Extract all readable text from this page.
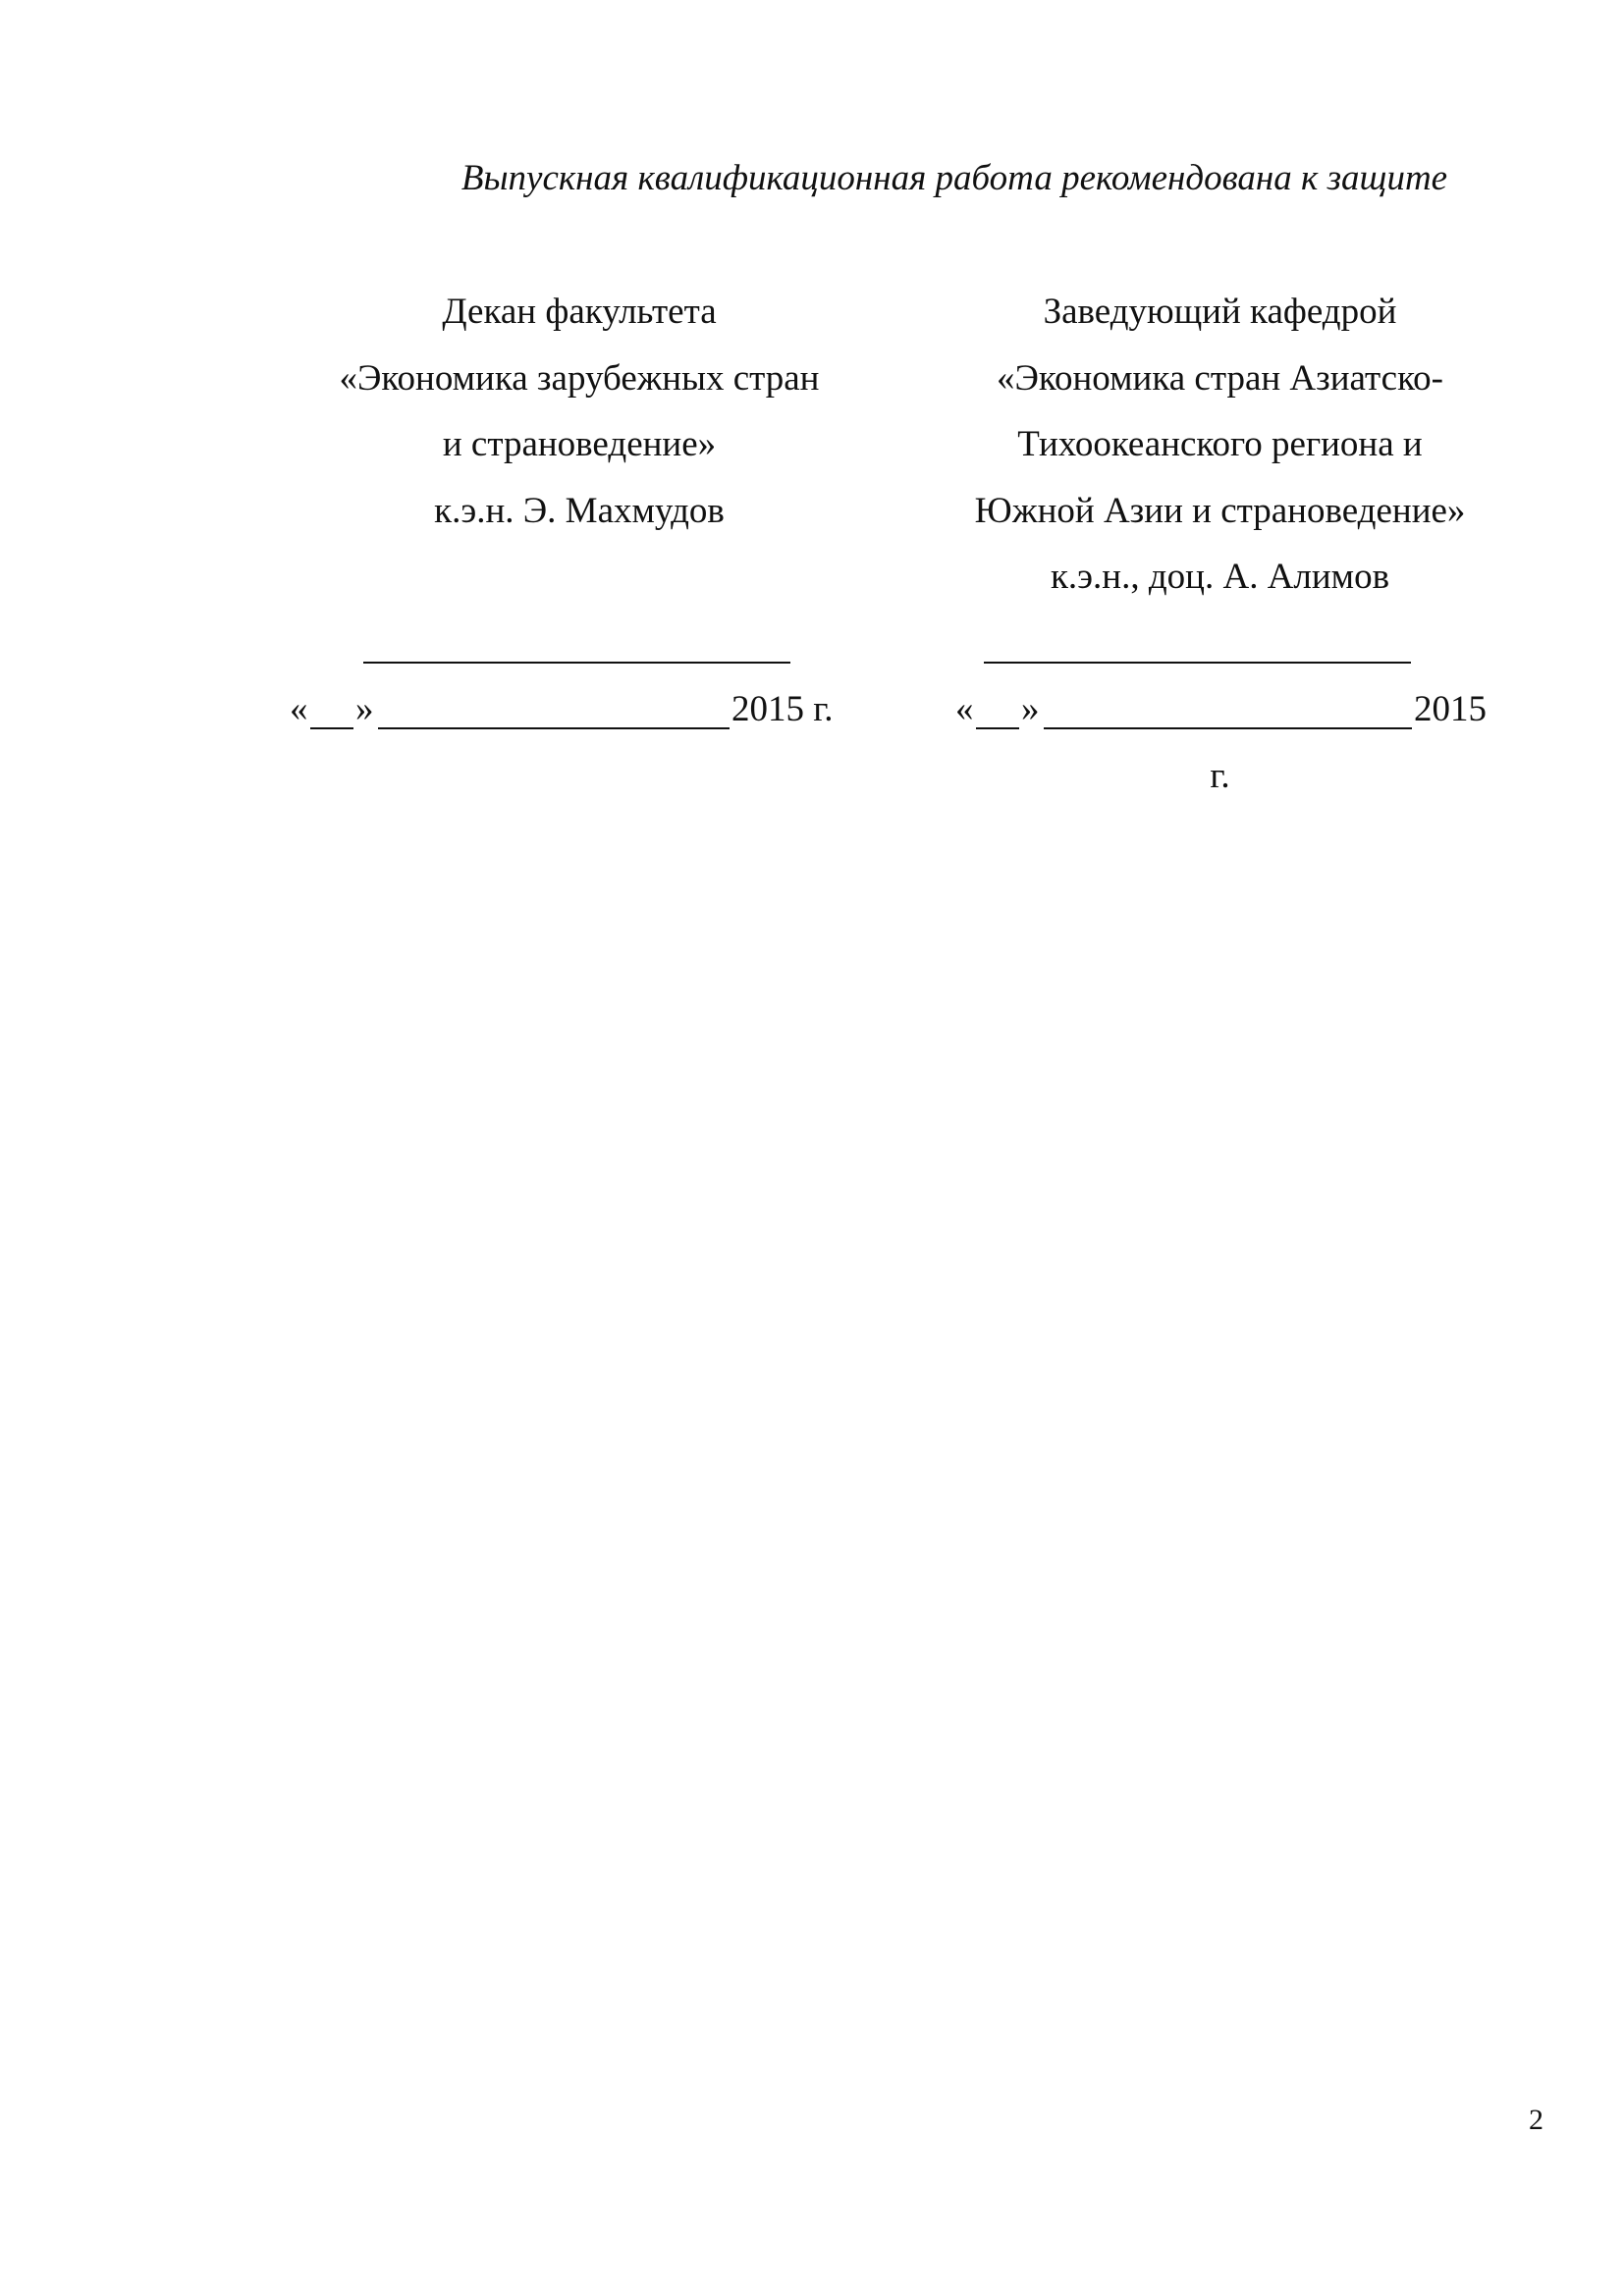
Выпускная квалификационная работа рекомендована к защите
Декан факультета
«Экономика зарубежных стран
и страноведение»
к.э.н. Э. Махмудов
« »	2015 г.
Заведующий кафедрой
«Экономика стран Азиатско-
Тихоокеанского региона и
Южной Азии и страноведение»
к.э.н., доц. А. Алимов
« »	2015
г.
2
